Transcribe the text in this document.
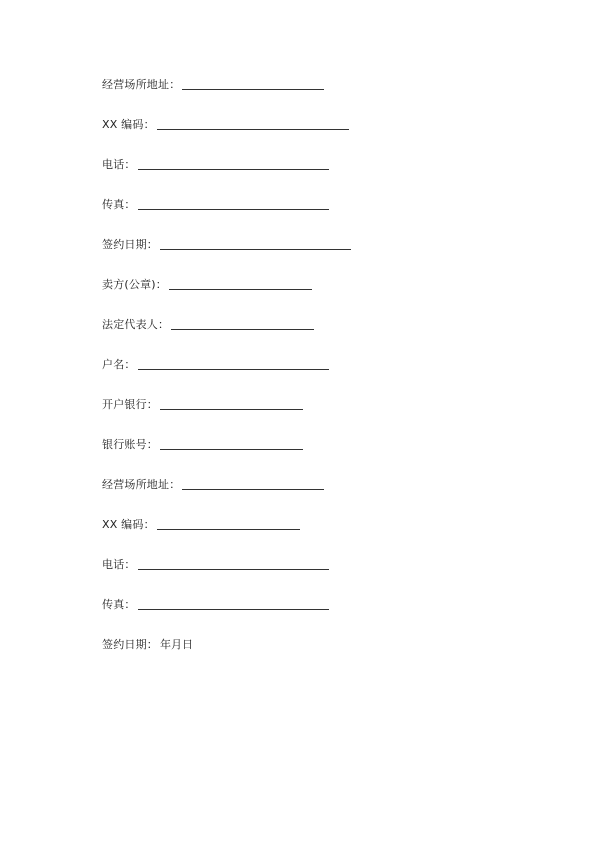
经营场所地址：
XX 编码：
电话：
传真：
签约日期：
卖方(公章)：
法定代表人：
户名：
开户银行：
银行账号：
经营场所地址：
XX 编码：
电话：
传真：
签约日期： 年月日
